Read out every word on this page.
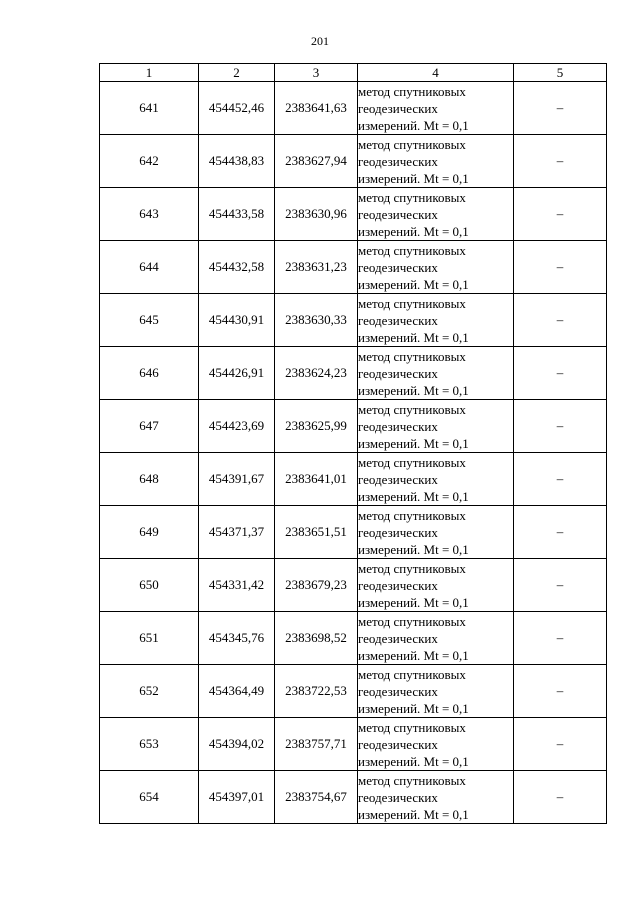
201
1	2	3	4	5
641	454452,46	2383641,63	метод спутниковых
геодезических
измерений. Mt = 0,1	–
642	454438,83	2383627,94	метод спутниковых
геодезических
измерений. Mt = 0,1	–
643	454433,58	2383630,96	метод спутниковых
геодезических
измерений. Mt = 0,1	–
644	454432,58	2383631,23	метод спутниковых
геодезических
измерений. Mt = 0,1	–
645	454430,91	2383630,33	метод спутниковых
геодезических
измерений. Mt = 0,1	–
646	454426,91	2383624,23	метод спутниковых
геодезических
измерений. Mt = 0,1	–
647	454423,69	2383625,99	метод спутниковых
геодезических
измерений. Mt = 0,1	–
648	454391,67	2383641,01	метод спутниковых
геодезических
измерений. Mt = 0,1	–
649	454371,37	2383651,51	метод спутниковых
геодезических
измерений. Mt = 0,1	–
650	454331,42	2383679,23	метод спутниковых
геодезических
измерений. Mt = 0,1	–
651	454345,76	2383698,52	метод спутниковых
геодезических
измерений. Mt = 0,1	–
652	454364,49	2383722,53	метод спутниковых
геодезических
измерений. Mt = 0,1	–
653	454394,02	2383757,71	метод спутниковых
геодезических
измерений. Mt = 0,1	–
654	454397,01	2383754,67	метод спутниковых
геодезических
измерений. Mt = 0,1	–
